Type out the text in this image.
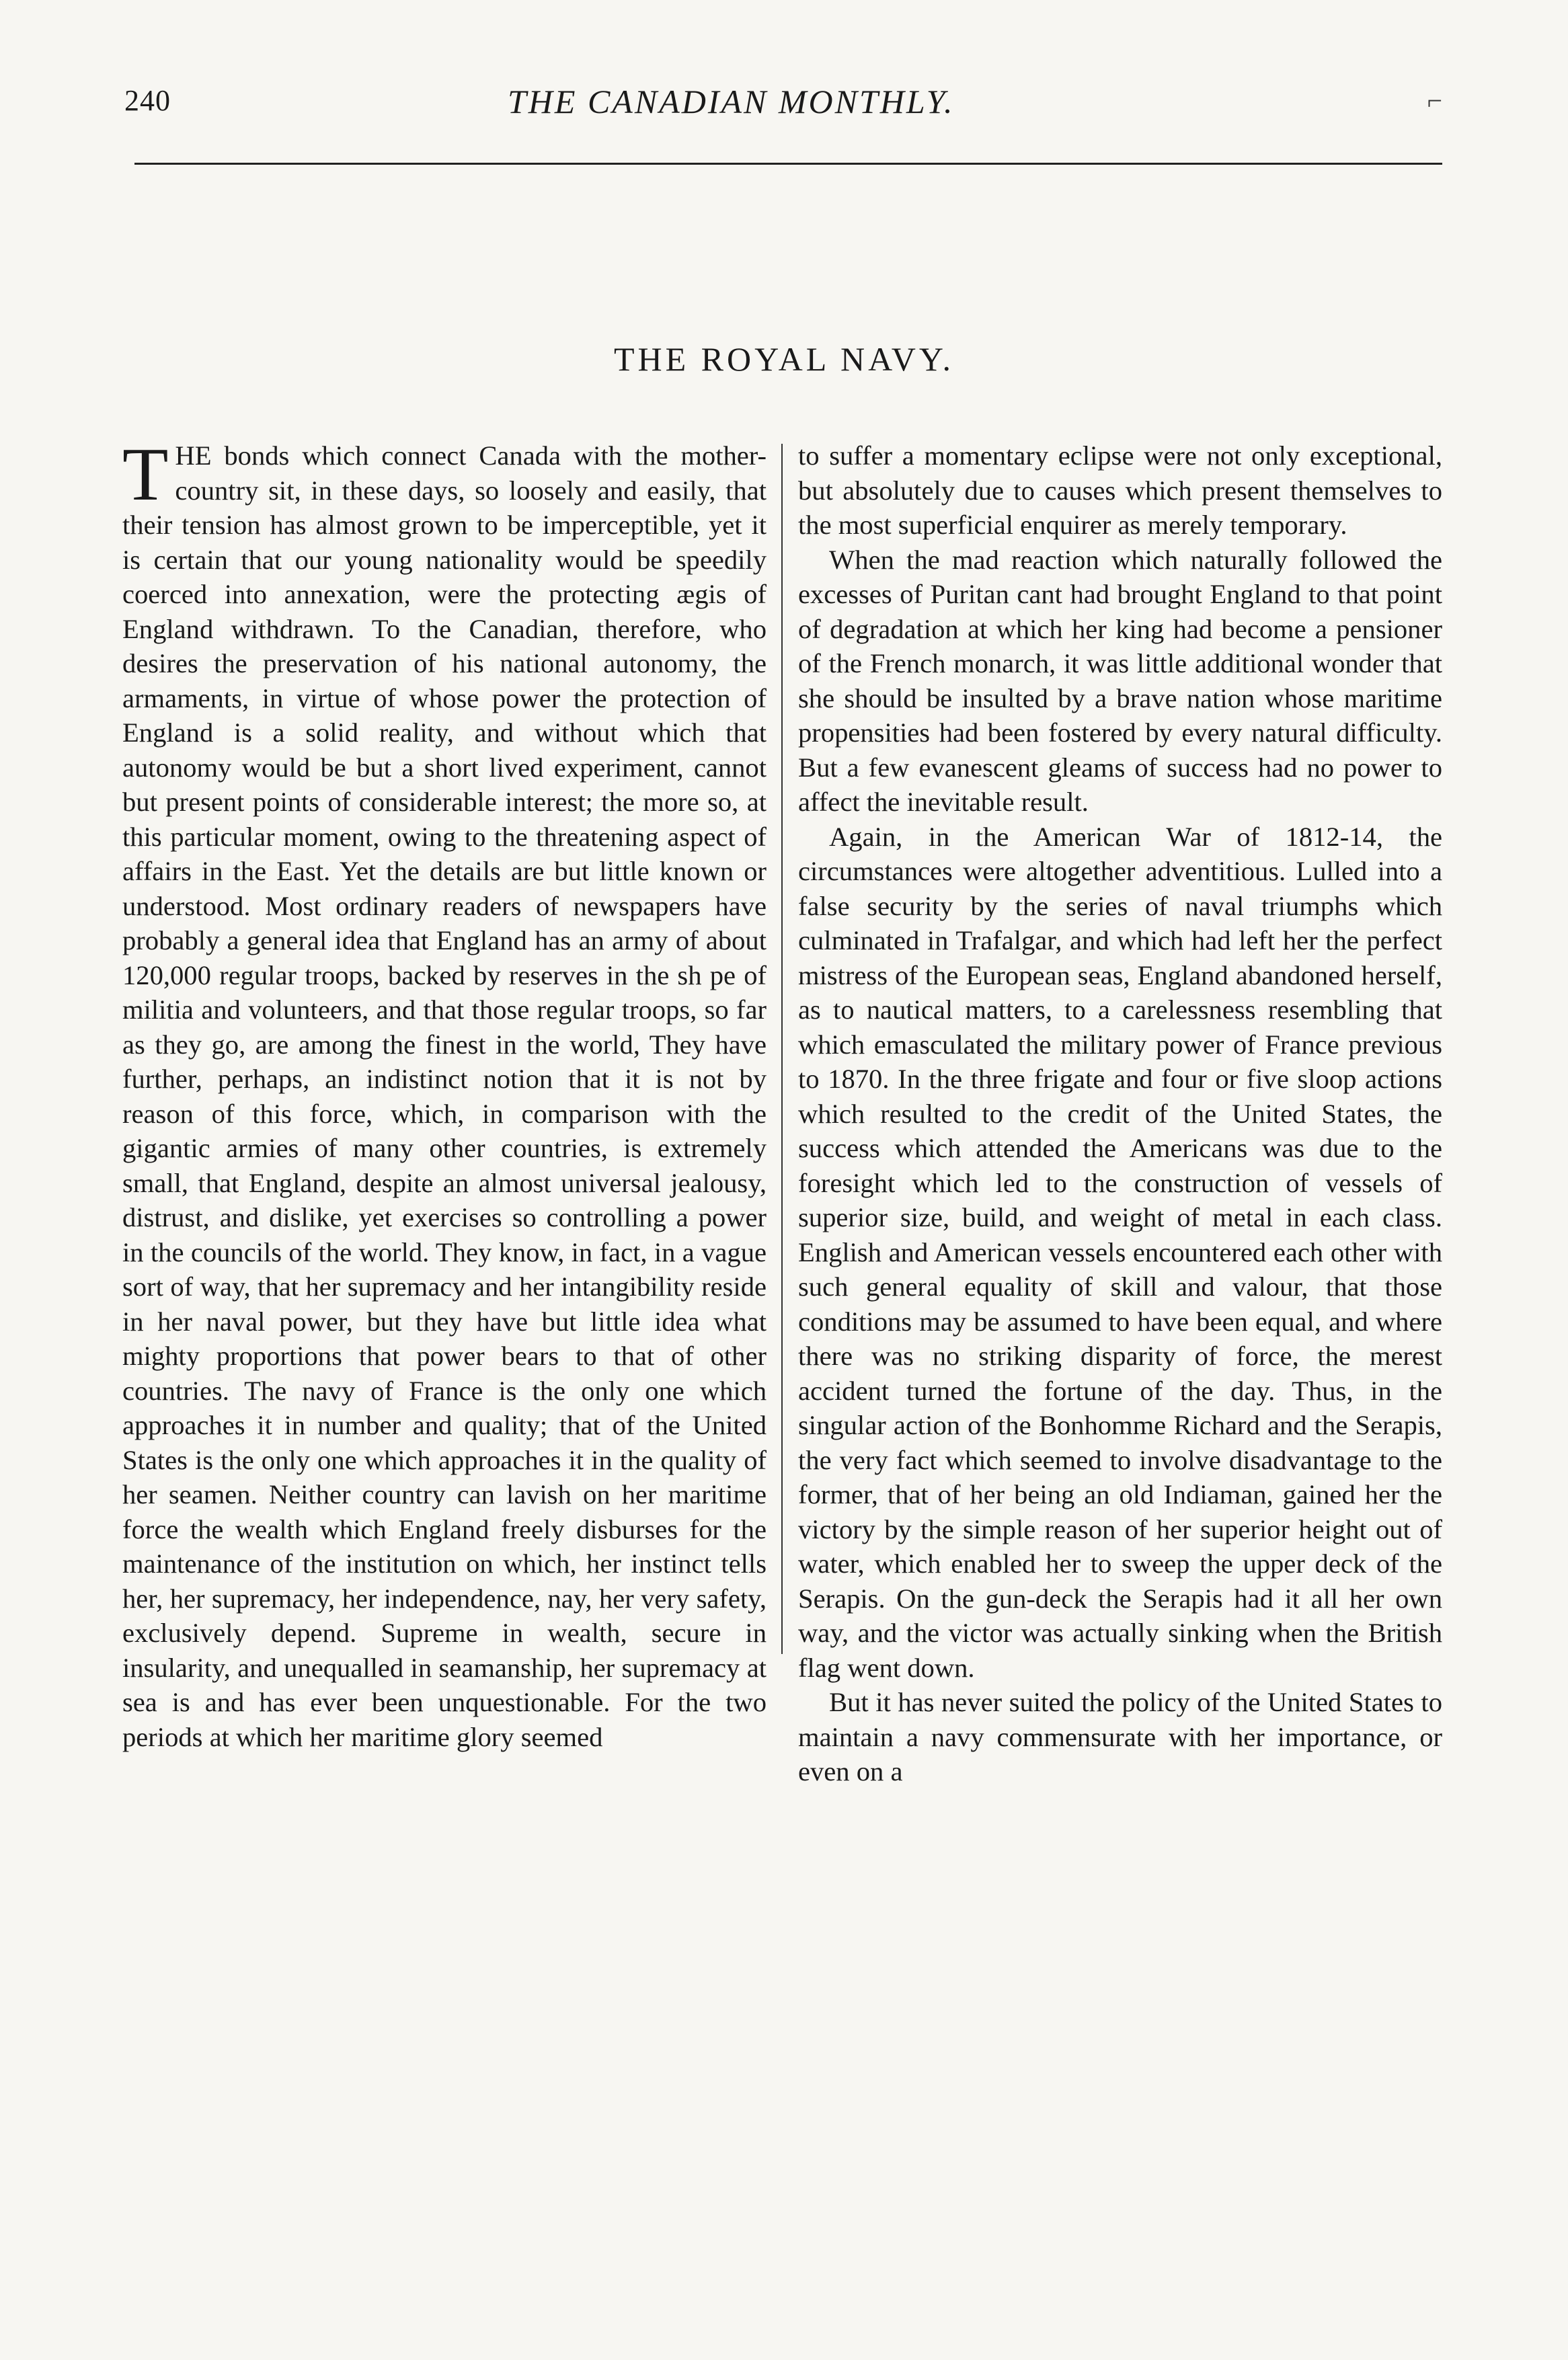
240	THE CANADIAN MONTHLY.	⌐
THE ROYAL NAVY.

THE bonds which connect Canada with the mother-country sit, in these days, so loosely and easily, that their tension has almost grown to be imperceptible, yet it is certain that our young nationality would be speedily coerced into annexation, were the protecting ægis of England withdrawn. To the Canadian, therefore, who desires the preservation of his national autonomy, the armaments, in virtue of whose power the protection of England is a solid reality, and without which that autonomy would be but a short lived experiment, cannot but present points of considerable interest; the more so, at this particular moment, owing to the threatening aspect of affairs in the East. Yet the details are but little known or understood. Most ordinary readers of newspapers have probably a general idea that England has an army of about 120,000 regular troops, backed by reserves in the sh pe of militia and volunteers, and that those regular troops, so far as they go, are among the finest in the world, They have further, perhaps, an indistinct notion that it is not by reason of this force, which, in comparison with the gigantic armies of many other countries, is extremely small, that England, despite an almost universal jealousy, distrust, and dislike, yet exercises so controlling a power in the councils of the world. They know, in fact, in a vague sort of way, that her supremacy and her intangibility reside in her naval power, but they have but little idea what mighty proportions that power bears to that of other countries. The navy of France is the only one which approaches it in number and quality; that of the United States is the only one which approaches it in the quality of her seamen. Neither country can lavish on her maritime force the wealth which England freely disburses for the maintenance of the institution on which, her instinct tells her, her supremacy, her independence, nay, her very safety, exclusively depend. Supreme in wealth, secure in insularity, and unequalled in seamanship, her supremacy at sea is and has ever been unquestionable. For the two periods at which her maritime glory seemed

to suffer a momentary eclipse were not only exceptional, but absolutely due to causes which present themselves to the most superficial enquirer as merely temporary.

When the mad reaction which naturally followed the excesses of Puritan cant had brought England to that point of degradation at which her king had become a pensioner of the French monarch, it was little additional wonder that she should be insulted by a brave nation whose maritime propensities had been fostered by every natural difficulty. But a few evanescent gleams of success had no power to affect the inevitable result.

Again, in the American War of 1812-14, the circumstances were altogether adventitious. Lulled into a false security by the series of naval triumphs which culminated in Trafalgar, and which had left her the perfect mistress of the European seas, England abandoned herself, as to nautical matters, to a carelessness resembling that which emasculated the military power of France previous to 1870. In the three frigate and four or five sloop actions which resulted to the credit of the United States, the success which attended the Americans was due to the foresight which led to the construction of vessels of superior size, build, and weight of metal in each class. English and American vessels encountered each other with such general equality of skill and valour, that those conditions may be assumed to have been equal, and where there was no striking disparity of force, the merest accident turned the fortune of the day. Thus, in the singular action of the Bonhomme Richard and the Serapis, the very fact which seemed to involve disadvantage to the former, that of her being an old Indiaman, gained her the victory by the simple reason of her superior height out of water, which enabled her to sweep the upper deck of the Serapis. On the gun-deck the Serapis had it all her own way, and the victor was actually sinking when the British flag went down.

But it has never suited the policy of the United States to maintain a navy commensurate with her importance, or even on a
